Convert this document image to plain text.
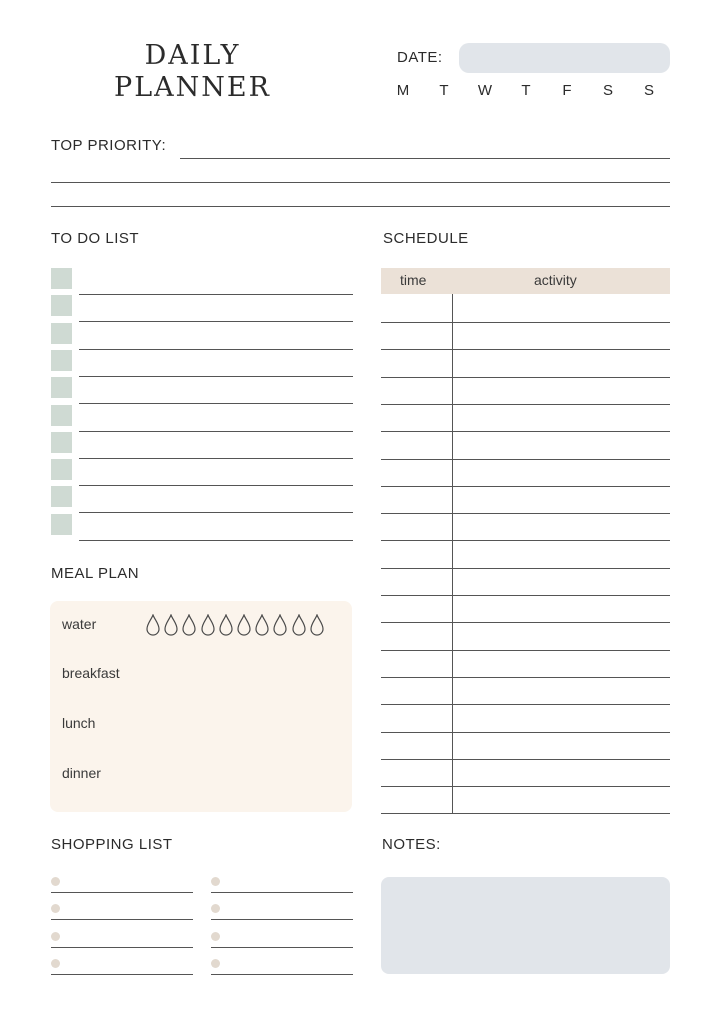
DAILY
PLANNER
DATE:
M	T	W	T	F	S	S
TOP PRIORITY:
TO DO LIST	SCHEDULE
time	activity
MEAL PLAN
water
breakfast
lunch
dinner
SHOPPING LIST	NOTES:
